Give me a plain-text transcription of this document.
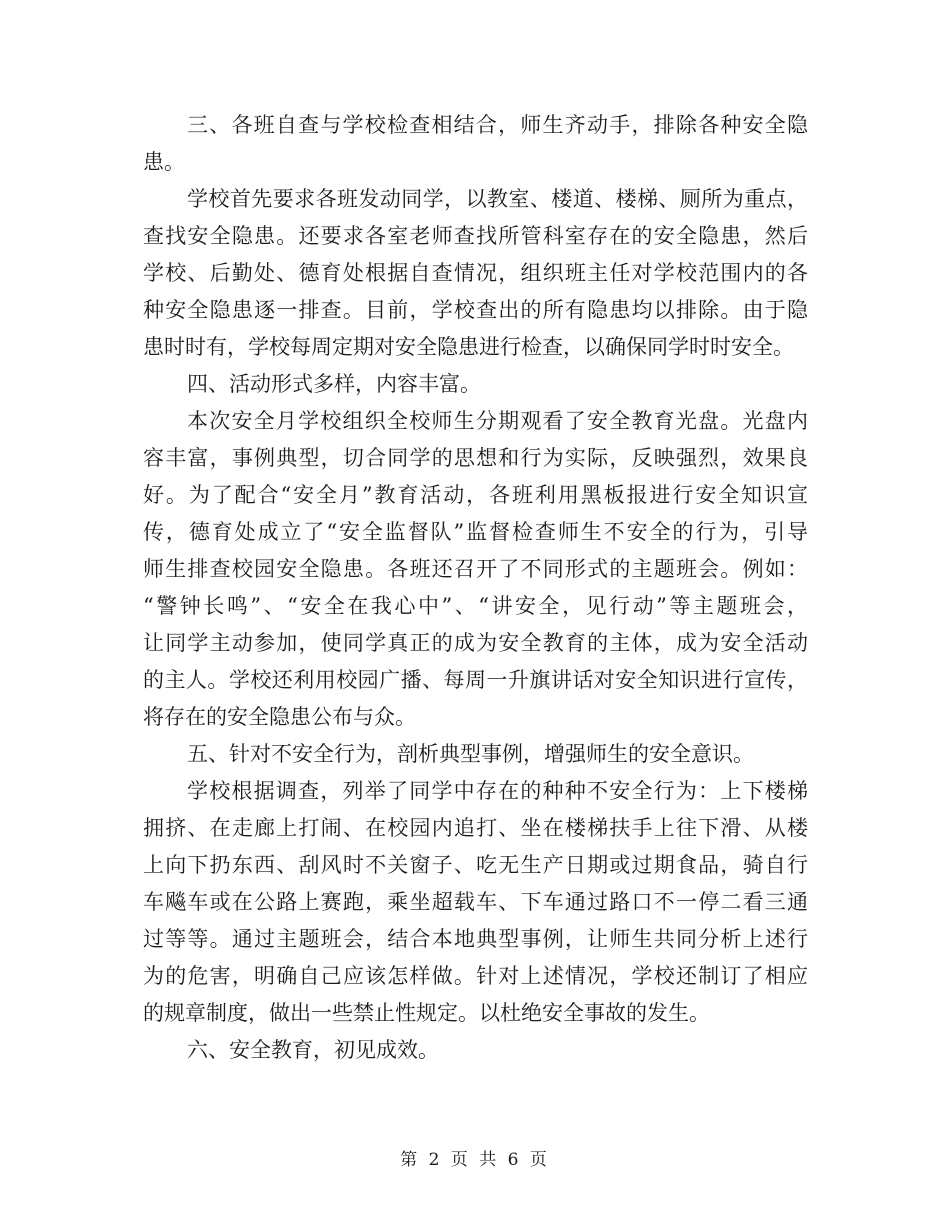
三、各班自查与学校检查相结合，师生齐动手，排除各种安全隐
患。
学校首先要求各班发动同学，以教室、楼道、楼梯、厕所为重点，
查找安全隐患。还要求各室老师查找所管科室存在的安全隐患，然后
学校、后勤处、德育处根据自查情况，组织班主任对学校范围内的各
种安全隐患逐一排查。目前，学校查出的所有隐患均以排除。由于隐
患时时有，学校每周定期对安全隐患进行检查，以确保同学时时安全。
四、活动形式多样，内容丰富。
本次安全月学校组织全校师生分期观看了安全教育光盘。光盘内
容丰富，事例典型，切合同学的思想和行为实际，反映强烈，效果良
好。为了配合“安全月”教育活动，各班利用黑板报进行安全知识宣
传，德育处成立了“安全监督队”监督检查师生不安全的行为，引导
师生排查校园安全隐患。各班还召开了不同形式的主题班会。例如：
“警钟长鸣”、“安全在我心中”、“讲安全，见行动”等主题班会，
让同学主动参加，使同学真正的成为安全教育的主体，成为安全活动
的主人。学校还利用校园广播、每周一升旗讲话对安全知识进行宣传，
将存在的安全隐患公布与众。
五、针对不安全行为，剖析典型事例，增强师生的安全意识。
学校根据调查，列举了同学中存在的种种不安全行为：上下楼梯
拥挤、在走廊上打闹、在校园内追打、坐在楼梯扶手上往下滑、从楼
上向下扔东西、刮风时不关窗子、吃无生产日期或过期食品，骑自行
车飚车或在公路上赛跑，乘坐超载车、下车通过路口不一停二看三通
过等等。通过主题班会，结合本地典型事例，让师生共同分析上述行
为的危害，明确自己应该怎样做。针对上述情况，学校还制订了相应
的规章制度，做出一些禁止性规定。以杜绝安全事故的发生。
六、安全教育，初见成效。
第 2 页 共 6 页
